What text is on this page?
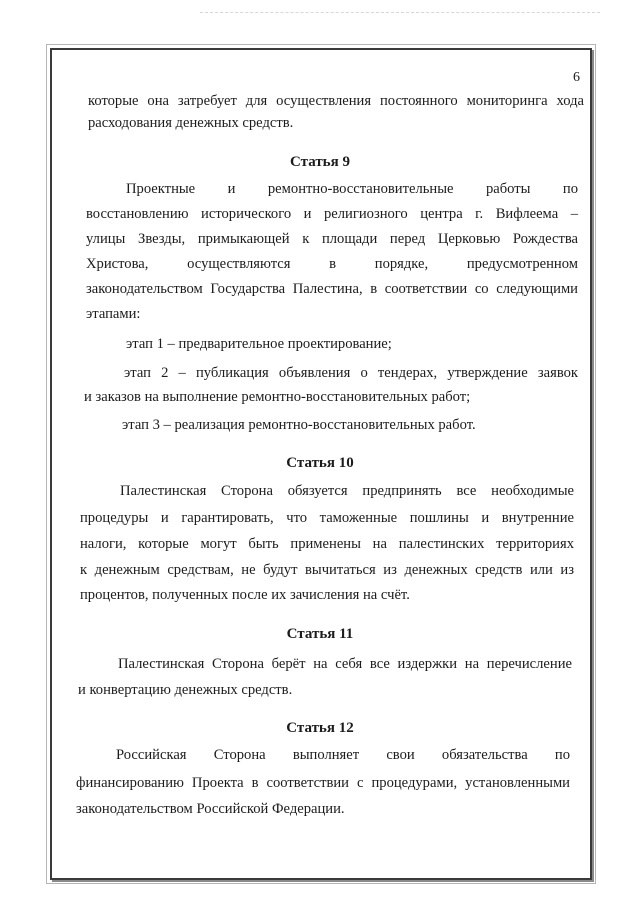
6
которые она затребует для осуществления постоянного мониторинга хода
расходования денежных средств.
Статья 9
Проектные и ремонтно-восстановительные работы по
восстановлению исторического и религиозного центра г. Вифлеема –
улицы Звезды, примыкающей к площади перед Церковью Рождества
Христова, осуществляются в порядке, предусмотренном
законодательством Государства Палестина, в соответствии со следующими
этапами:
этап 1 – предварительное проектирование;
этап 2 – публикация объявления о тендерах, утверждение заявок
и заказов на выполнение ремонтно-восстановительных работ;
этап 3 – реализация ремонтно-восстановительных работ.
Статья 10
Палестинская Сторона обязуется предпринять все необходимые
процедуры и гарантировать, что таможенные пошлины и внутренние
налоги, которые могут быть применены на палестинских территориях
к денежным средствам, не будут вычитаться из денежных средств или из
процентов, полученных после их зачисления на счёт.
Статья 11
Палестинская Сторона берёт на себя все издержки на перечисление
и конвертацию денежных средств.
Статья 12
Российская Сторона выполняет свои обязательства по
финансированию Проекта в соответствии с процедурами, установленными
законодательством Российской Федерации.
